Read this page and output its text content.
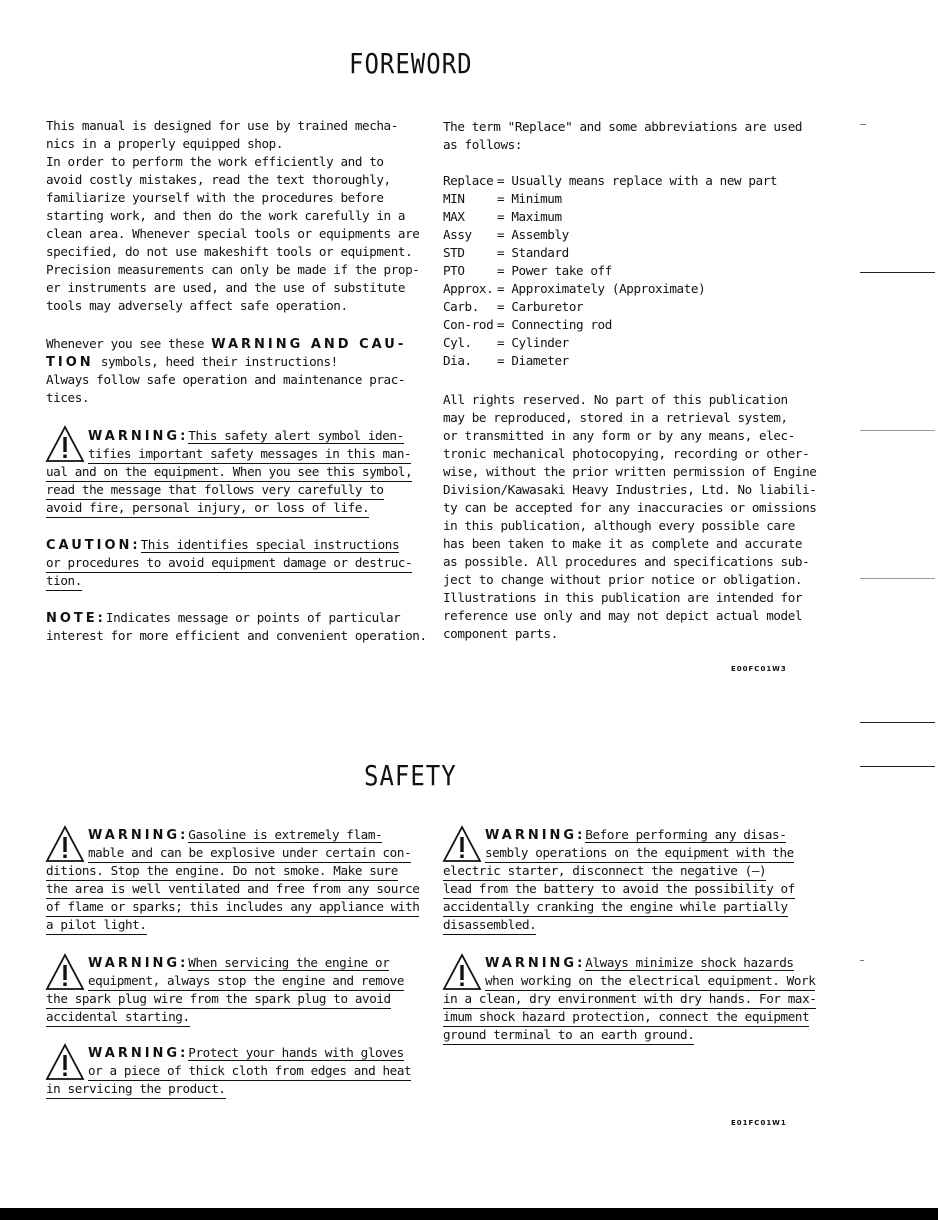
FOREWORD
This manual is designed for use by trained mecha-
nics in a properly equipped shop.
In order to perform the work efficiently and to
avoid costly mistakes, read the text thoroughly,
familiarize yourself with the procedures before
starting work, and then do the work carefully in a
clean area. Whenever special tools or equipments are
specified, do not use makeshift tools or equipment.
Precision measurements can only be made if the prop-
er instruments are used, and the use of substitute
tools may adversely affect safe operation.
Whenever you see these WARNING AND CAU-
TION symbols, heed their instructions!
Always follow safe operation and maintenance prac-
tices.
WARNING:This safety alert symbol iden-
tifies important safety messages in this man-
ual and on the equipment. When you see this symbol,
read the message that follows very carefully to
avoid fire, personal injury, or loss of life.
CAUTION:This identifies special instructions
or procedures to avoid equipment damage or destruc-
tion.
NOTE:Indicates message or points of particular
interest for more efficient and convenient operation.
The term "Replace" and some abbreviations are used
as follows:
Replace = Usually means replace with a new part
MIN	= Minimum
MAX	= Maximum
Assy = Assembly
STD	= Standard
PTO	= Power take off
Approx. = Approximately (Approximate)
Carb. = Carburetor
Con-rod = Connecting rod
Cyl. = Cylinder
Dia. = Diameter
All rights reserved. No part of this publication
may be reproduced, stored in a retrieval system,
or transmitted in any form or by any means, elec-
tronic mechanical photocopying, recording or other-
wise, without the prior written permission of Engine
Division/Kawasaki Heavy Industries, Ltd. No liabili-
ty can be accepted for any inaccuracies or omissions
in this publication, although every possible care
has been taken to make it as complete and accurate
as possible. All procedures and specifications sub-
ject to change without prior notice or obligation.
Illustrations in this publication are intended for
reference use only and may not depict actual model
component parts.
E00FC01W3
SAFETY
WARNING:Gasoline is extremely flam-
mable and can be explosive under certain con-
ditions. Stop the engine. Do not smoke. Make sure
the area is well ventilated and free from any source
of flame or sparks; this includes any appliance with
a pilot light.
WARNING:When servicing the engine or
equipment, always stop the engine and remove
the spark plug wire from the spark plug to avoid
accidental starting.
WARNING:Protect your hands with gloves
or a piece of thick cloth from edges and heat
in servicing the product.
WARNING:Before performing any disas-
sembly operations on the equipment with the
electric starter, disconnect the negative (—)
lead from the battery to avoid the possibility of
accidentally cranking the engine while partially
disassembled.
WARNING:Always minimize shock hazards
when working on the electrical equipment. Work
in a clean, dry environment with dry hands. For max-
imum shock hazard protection, connect the equipment
ground terminal to an earth ground.
E01FC01W1
